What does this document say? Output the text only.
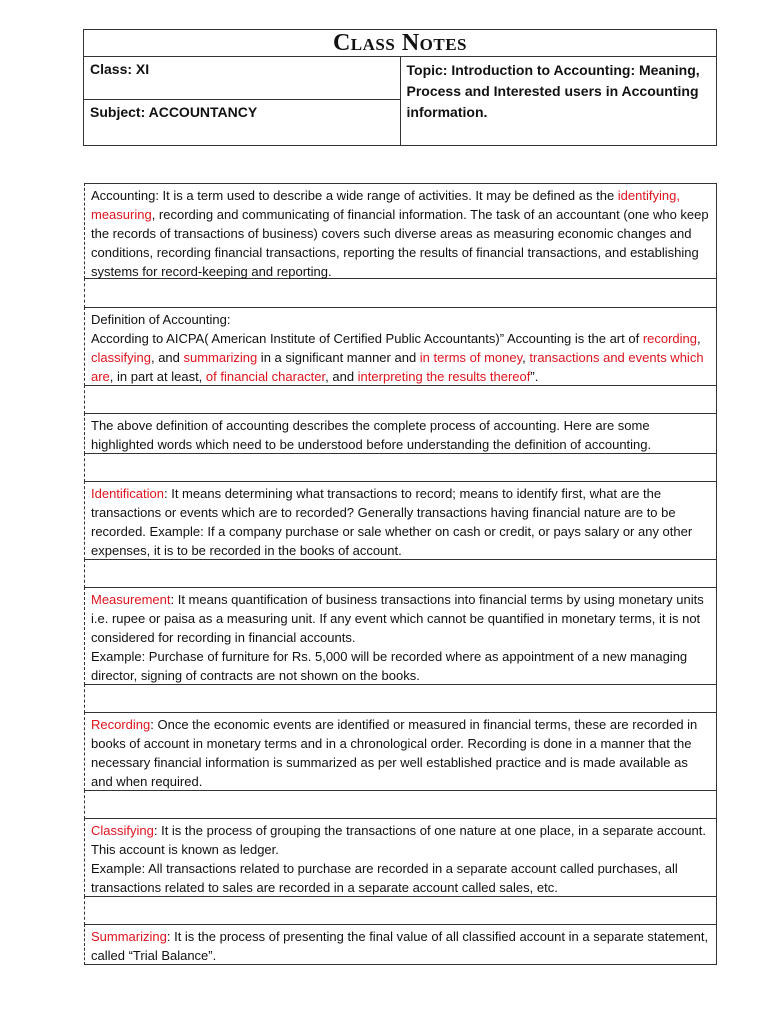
Class Notes
Class: XI	Topic: Introduction to Accounting: Meaning, Process and Interested users in Accounting information.
Subject: ACCOUNTANCY
Accounting: It is a term used to describe a wide range of activities. It may be defined as the identifying, measuring, recording and communicating of financial information. The task of an accountant (one who keep the records of transactions of business) covers such diverse areas as measuring economic changes and conditions, recording financial transactions, reporting the results of financial transactions, and establishing systems for record-keeping and reporting.
Definition of Accounting:
According to AICPA( American Institute of Certified Public Accountants)” Accounting is the art of recording, classifying, and summarizing in a significant manner and in terms of money, transactions and events which are, in part at least, of financial character, and interpreting the results thereof”.
The above definition of accounting describes the complete process of accounting. Here are some highlighted words which need to be understood before understanding the definition of accounting.
Identification: It means determining what transactions to record; means to identify first, what are the transactions or events which are to recorded? Generally transactions having financial nature are to be recorded. Example: If a company purchase or sale whether on cash or credit, or pays salary or any other expenses, it is to be recorded in the books of account.
Measurement: It means quantification of business transactions into financial terms by using monetary units i.e. rupee or paisa as a measuring unit. If any event which cannot be quantified in monetary terms, it is not considered for recording in financial accounts.
Example: Purchase of furniture for Rs. 5,000 will be recorded where as appointment of a new managing director, signing of contracts are not shown on the books.
Recording: Once the economic events are identified or measured in financial terms, these are recorded in books of account in monetary terms and in a chronological order. Recording is done in a manner that the necessary financial information is summarized as per well established practice and is made available as and when required.
Classifying: It is the process of grouping the transactions of one nature at one place, in a separate account. This account is known as ledger.
Example: All transactions related to purchase are recorded in a separate account called purchases, all transactions related to sales are recorded in a separate account called sales, etc.
Summarizing: It is the process of presenting the final value of all classified account in a separate statement, called “Trial Balance”.
